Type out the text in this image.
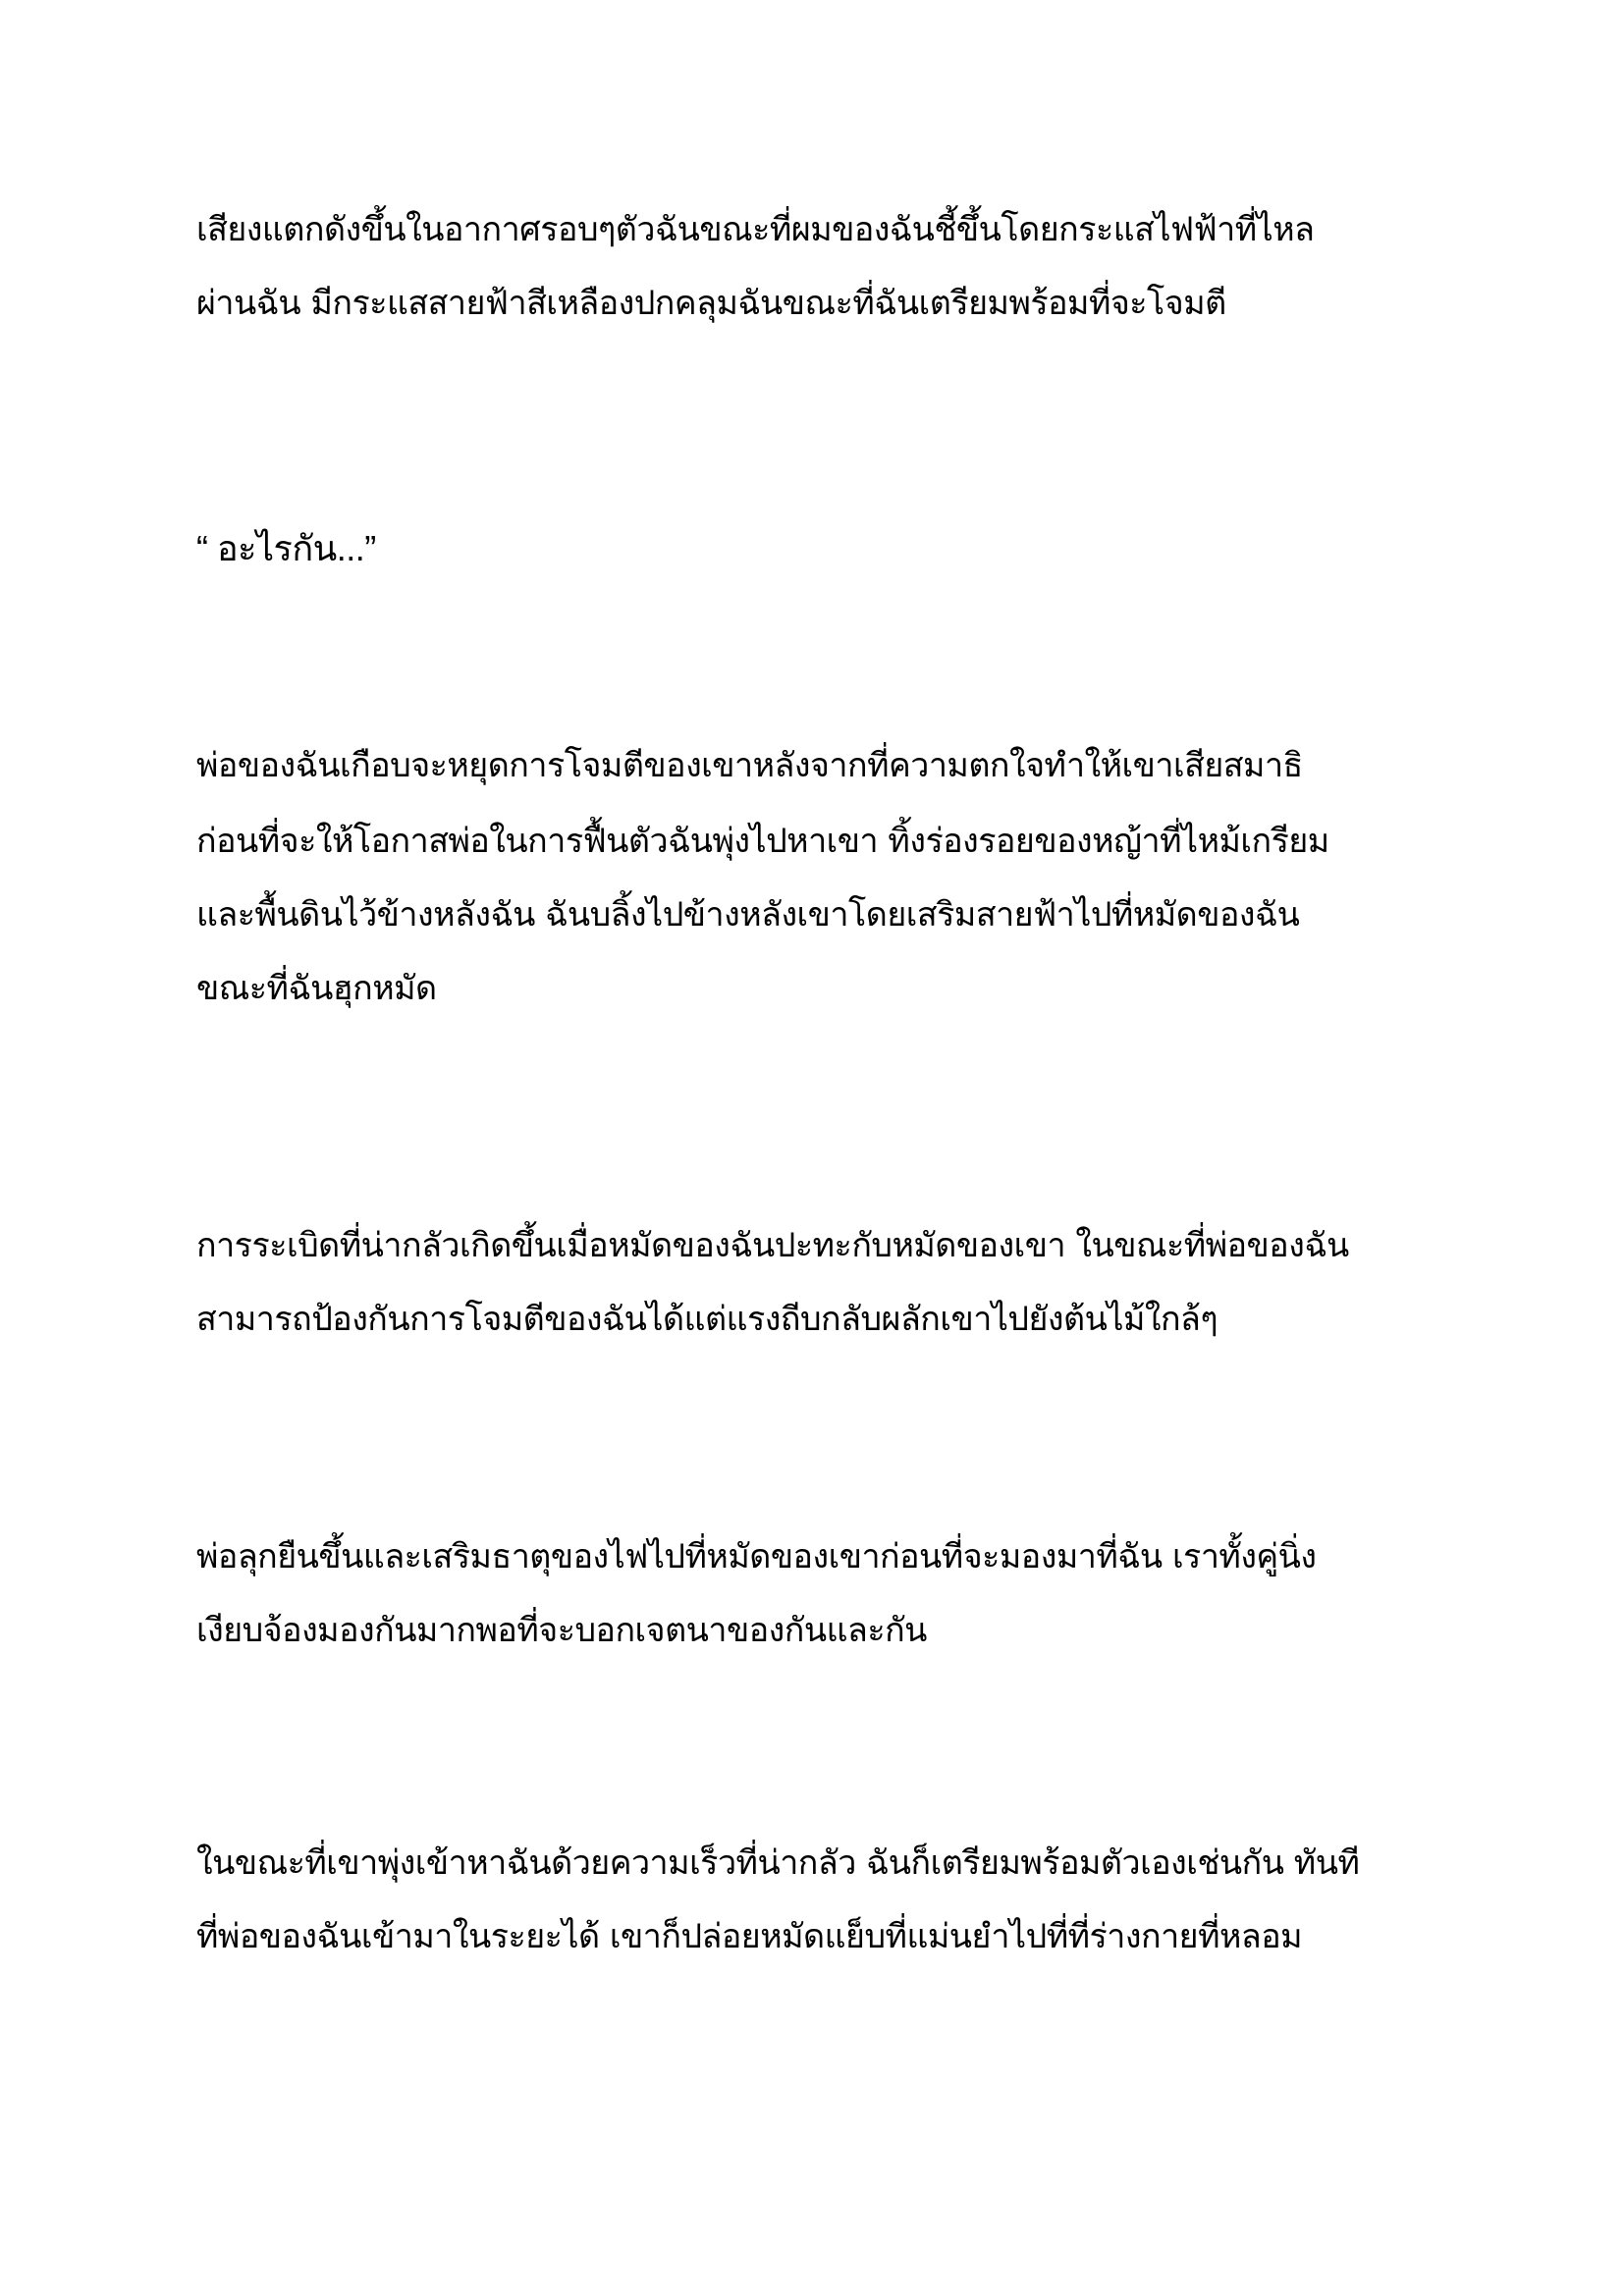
เสียงแตกดังขึ้นในอากาศรอบๆตัวฉันขณะที่ผมของฉันชี้ขึ้นโดยกระแสไฟฟ้าที่ไหล
ผ่านฉัน มีกระแสสายฟ้าสีเหลืองปกคลุมฉันขณะที่ฉันเตรียมพร้อมที่จะโจมตี
“ อะไรกัน...”
พ่อของฉันเกือบจะหยุดการโจมตีของเขาหลังจากที่ความตกใจทำให้เขาเสียสมาธิ
ก่อนที่จะให้โอกาสพ่อในการฟื้นตัวฉันพุ่งไปหาเขา ทิ้งร่องรอยของหญ้าที่ไหม้เกรียม
และพื้นดินไว้ข้างหลังฉัน ฉันบลิ้งไปข้างหลังเขาโดยเสริมสายฟ้าไปที่หมัดของฉัน
ขณะที่ฉันฮุกหมัด
การระเบิดที่น่ากลัวเกิดขึ้นเมื่อหมัดของฉันปะทะกับหมัดของเขา ในขณะที่พ่อของฉัน
สามารถป้องกันการโจมตีของฉันได้แต่แรงถีบกลับผลักเขาไปยังต้นไม้ใกล้ๆ
พ่อลุกยืนขึ้นและเสริมธาตุของไฟไปที่หมัดของเขาก่อนที่จะมองมาที่ฉัน เราทั้งคู่นิ่ง
เงียบจ้องมองกันมากพอที่จะบอกเจตนาของกันและกัน
ในขณะที่เขาพุ่งเข้าหาฉันด้วยความเร็วที่น่ากลัว ฉันก็เตรียมพร้อมตัวเองเช่นกัน ทันที
ที่พ่อของฉันเข้ามาในระยะได้ เขาก็ปล่อยหมัดแย็บที่แม่นยำไปที่ที่ร่างกายที่หลอม
